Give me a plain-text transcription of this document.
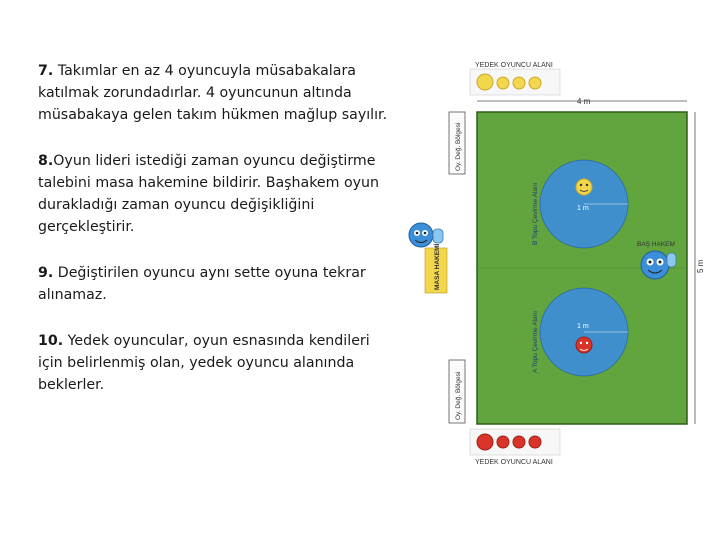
7. Takımlar en az 4 oyuncuyla müsabakalara katılmak zorundadırlar. 4 oyuncunun altında müsabakaya gelen takım hükmen mağlup sayılır.

8.Oyun lideri istediği zaman oyuncu değiştirme talebini masa hakemine bildirir. Başhakem oyun durakladığı zaman oyuncu değişikliğini gerçekleştirir.

9. Değiştirilen oyuncu aynı sette oyuna tekrar alınamaz.

10. Yedek oyuncular, oyun esnasında kendileri için belirlenmiş olan, yedek oyuncu alanında beklerler.

YEDEK OYUNCU ALANI
4 m
Oy. Değ. Bölgesi
Oy. Değ. Bölgesi
MASA HAKEMİ	5 m
1 m
B Topu Çevirme Alanı	BAŞ HAKEM
1 m
A Topu Çevirme Alanı
YEDEK OYUNCU ALANI
